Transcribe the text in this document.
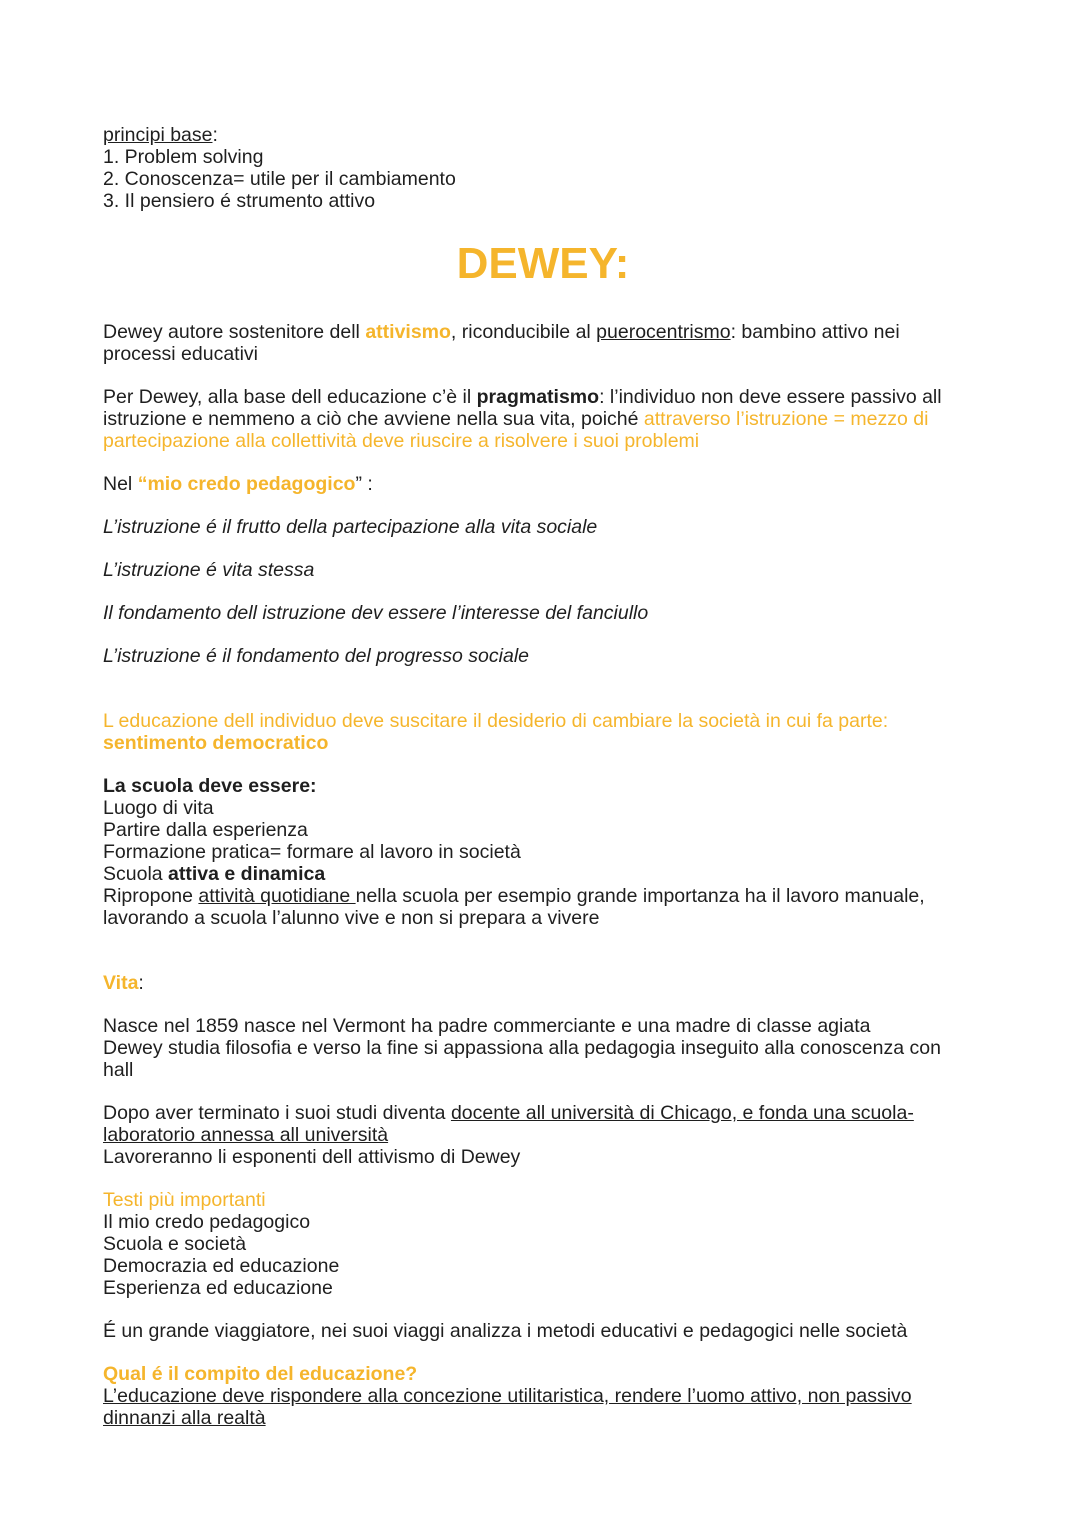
principi base:
1. Problem solving
2. Conoscenza= utile per il cambiamento
3. Il pensiero é strumento attivo
DEWEY:
Dewey autore sostenitore dell attivismo, riconducibile al puerocentrismo: bambino attivo nei
processi educativi
Per Dewey, alla base dell educazione c’è il pragmatismo: l’individuo non deve essere passivo all
istruzione e nemmeno a ciò che avviene nella sua vita, poiché attraverso l’istruzione = mezzo di
partecipazione alla collettività deve riuscire a risolvere i suoi problemi
Nel “mio credo pedagogico” :
L’istruzione é il frutto della partecipazione alla vita sociale
L’istruzione é vita stessa
Il fondamento dell istruzione dev essere l’interesse del fanciullo
L’istruzione é il fondamento del progresso sociale
L educazione dell individuo deve suscitare il desiderio di cambiare la società in cui fa parte:
sentimento democratico
La scuola deve essere:
Luogo di vita
Partire dalla esperienza
Formazione pratica= formare al lavoro in società
Scuola attiva e dinamica
Ripropone attività quotidiane nella scuola per esempio grande importanza ha il lavoro manuale,
lavorando a scuola l’alunno vive e non si prepara a vivere
Vita:
Nasce nel 1859 nasce nel Vermont ha padre commerciante e una madre di classe agiata
Dewey studia filosofia e verso la fine si appassiona alla pedagogia inseguito alla conoscenza con
hall
Dopo aver terminato i suoi studi diventa docente all università di Chicago, e fonda una scuola-
laboratorio annessa all università
Lavoreranno li esponenti dell attivismo di Dewey
Testi più importanti
Il mio credo pedagogico
Scuola e società
Democrazia ed educazione
Esperienza ed educazione
É un grande viaggiatore, nei suoi viaggi analizza i metodi educativi e pedagogici nelle società
Qual é il compito del educazione?
L’educazione deve rispondere alla concezione utilitaristica, rendere l’uomo attivo, non passivo
dinnanzi alla realtà
